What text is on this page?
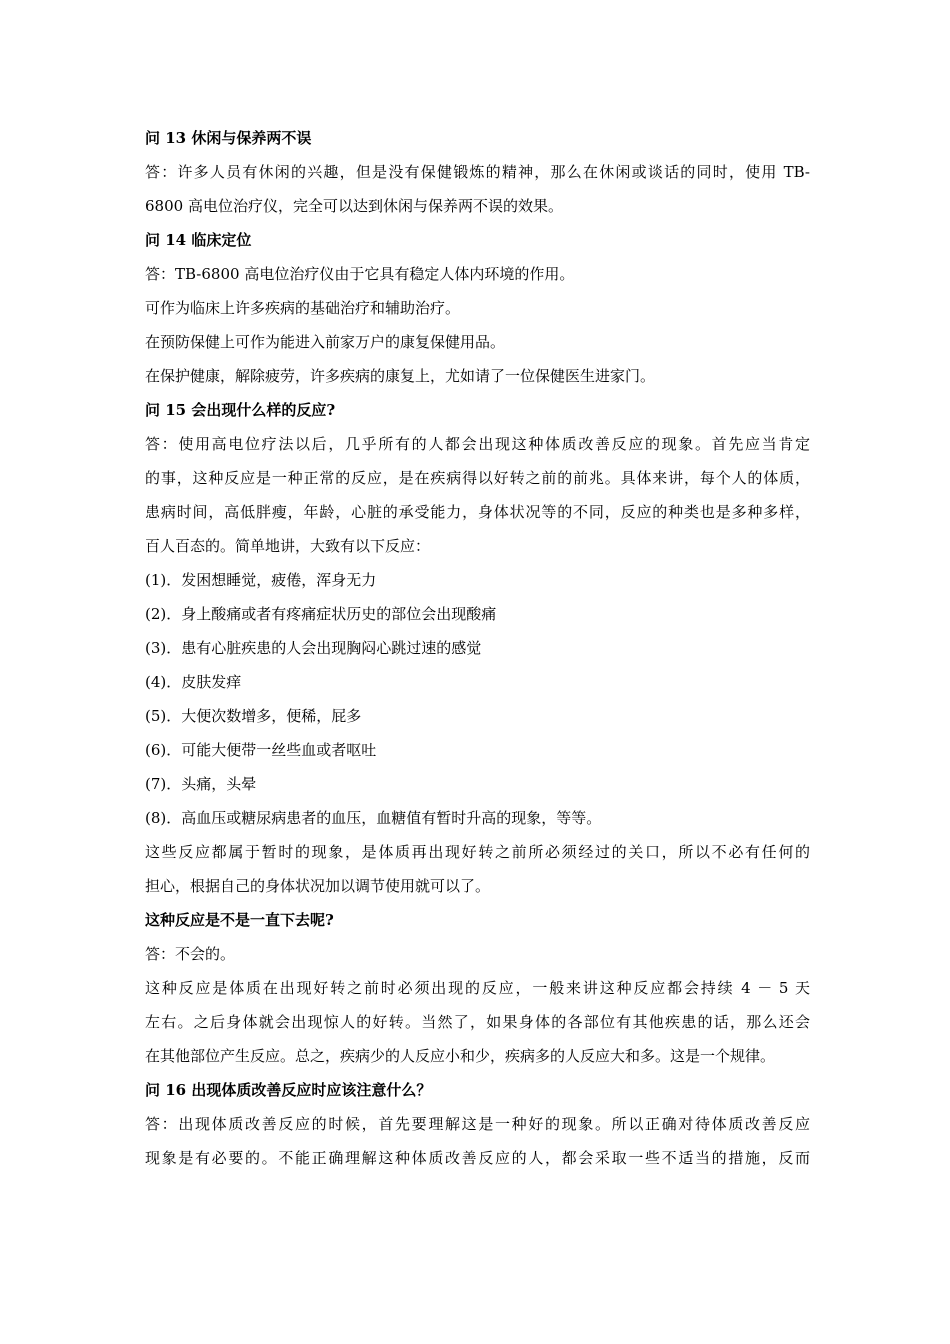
问 13 休闲与保养两不误

答：许多人员有休闲的兴趣，但是没有保健锻炼的精神，那么在休闲或谈话的同时，使用 TB-

6800 高电位治疗仪，完全可以达到休闲与保养两不误的效果。

问 14 临床定位

答：TB-6800 高电位治疗仪由于它具有稳定人体内环境的作用。

可作为临床上许多疾病的基础治疗和辅助治疗。

在预防保健上可作为能进入前家万户的康复保健用品。

在保护健康，解除疲劳，许多疾病的康复上，尤如请了一位保健医生进家门。

问 15 会出现什么样的反应?

答：使用高电位疗法以后，几乎所有的人都会出现这种体质改善反应的现象。首先应当肯定

的事，这种反应是一种正常的反应，是在疾病得以好转之前的前兆。具体来讲，每个人的体质，

患病时间，高低胖瘦，年龄，心脏的承受能力，身体状况等的不同，反应的种类也是多种多样，

百人百态的。简单地讲，大致有以下反应：

(1)．发困想睡觉，疲倦，浑身无力

(2)．身上酸痛或者有疼痛症状历史的部位会出现酸痛

(3)．患有心脏疾患的人会出现胸闷心跳过速的感觉

(4)．皮肤发痒

(5)．大便次数增多，便稀，屁多

(6)．可能大便带一丝些血或者呕吐

(7)．头痛，头晕

(8)．高血压或糖尿病患者的血压，血糖值有暂时升高的现象，等等。

这些反应都属于暂时的现象，是体质再出现好转之前所必须经过的关口，所以不必有任何的

担心，根据自己的身体状况加以调节使用就可以了。

这种反应是不是一直下去呢?

答：不会的。

这种反应是体质在出现好转之前时必须出现的反应，一般来讲这种反应都会持续 4 － 5 天

左右。之后身体就会出现惊人的好转。当然了，如果身体的各部位有其他疾患的话，那么还会

在其他部位产生反应。总之，疾病少的人反应小和少，疾病多的人反应大和多。这是一个规律。

问 16 出现体质改善反应时应该注意什么？

答：出现体质改善反应的时候，首先要理解这是一种好的现象。所以正确对待体质改善反应

现象是有必要的。不能正确理解这种体质改善反应的人，都会采取一些不适当的措施，反而
